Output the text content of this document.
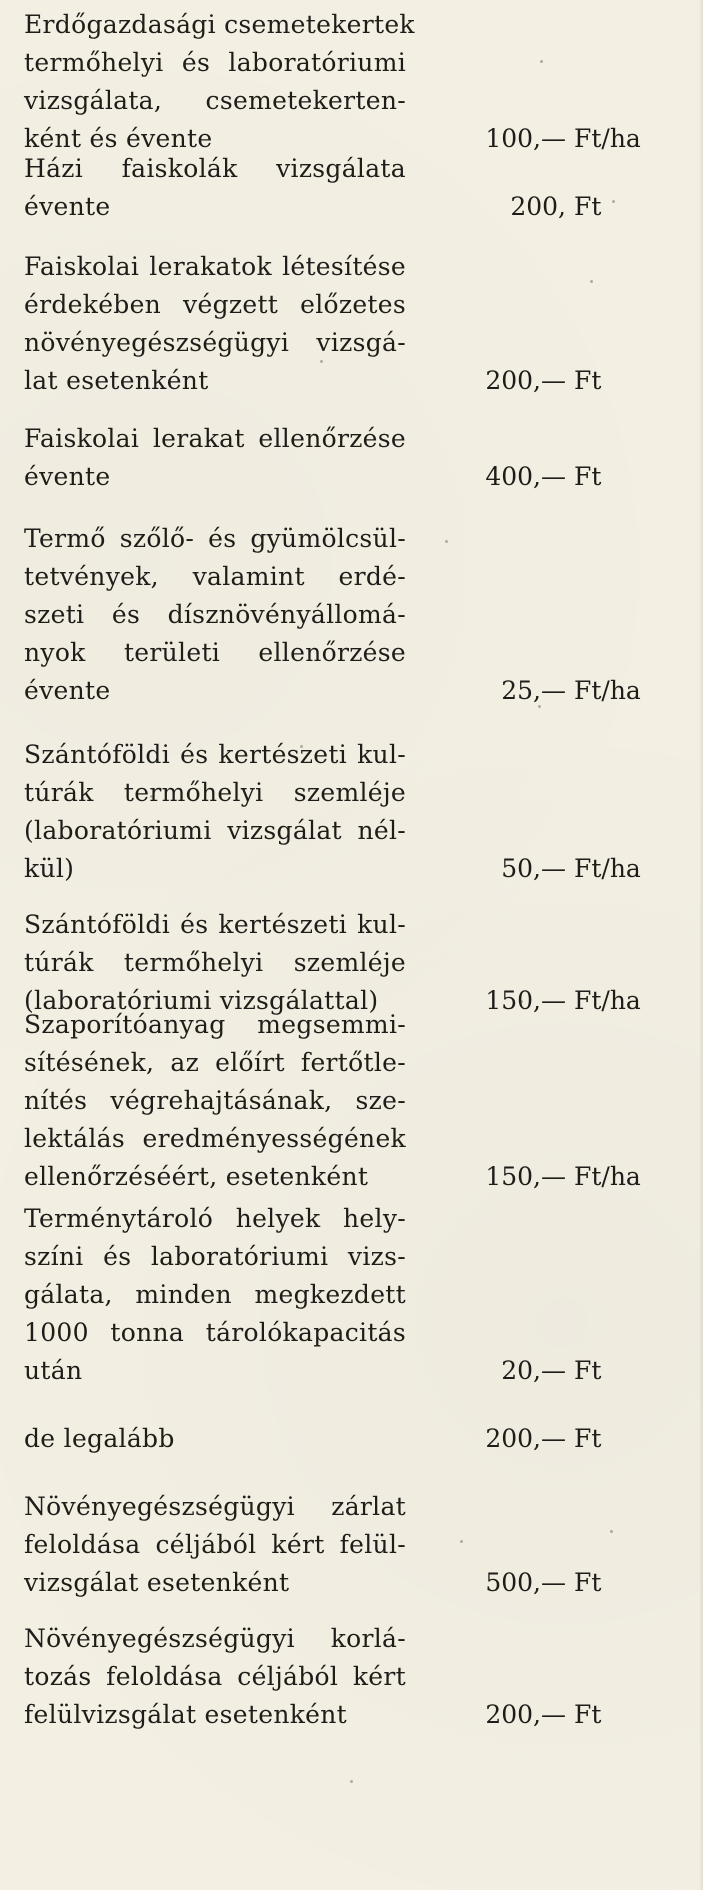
Erdőgazdasági csemetekertek
termőhelyi és laboratóriumi
vizsgálata, csemetekerten-
ként és évente	100,— Ft/ha

Házi faiskolák vizsgálata
évente	200, Ft

Faiskolai lerakatok létesítése
érdekében végzett előzetes
növényegészségügyi vizsgá-
lat esetenként	200,— Ft

Faiskolai lerakat ellenőrzése
évente	400,— Ft

Termő szőlő- és gyümölcsül-
tetvények, valamint erdé-
szeti és dísznövényállomá-
nyok területi ellenőrzése
évente	25,— Ft/ha

Szántóföldi és kertészeti kul-
túrák termőhelyi szemléje
(laboratóriumi vizsgálat nél-
kül)	50,— Ft/ha

Szántóföldi és kertészeti kul-
túrák termőhelyi szemléje
(laboratóriumi vizsgálattal)	150,— Ft/ha

Szaporítóanyag megsemmi-
sítésének, az előírt fertőtle-
nítés végrehajtásának, sze-
lektálás eredményességének
ellenőrzéséért, esetenként	150,— Ft/ha

Terménytároló helyek hely-
színi és laboratóriumi vizs-
gálata, minden megkezdett
1000 tonna tárolókapacitás
után	20,— Ft

de legalább	200,— Ft

Növényegészségügyi zárlat
feloldása céljából kért felül-
vizsgálat esetenként	500,— Ft

Növényegészségügyi korlá-
tozás feloldása céljából kért
felülvizsgálat esetenként	200,— Ft
